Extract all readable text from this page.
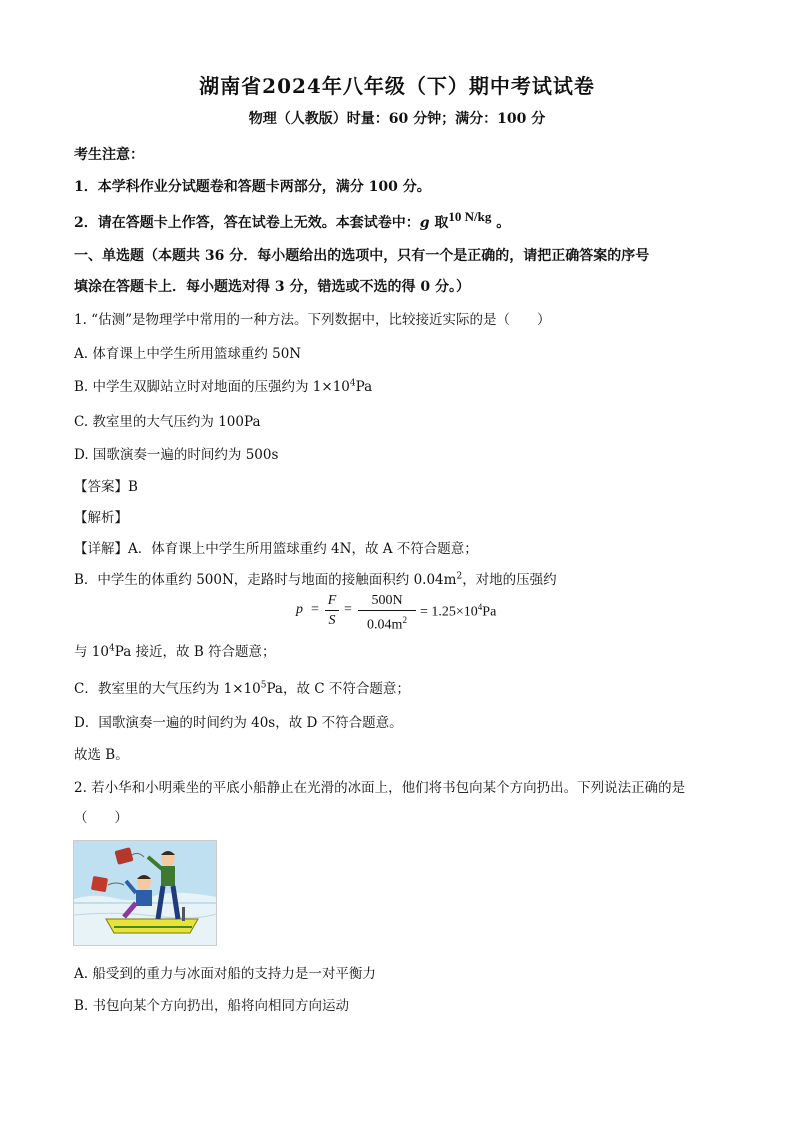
湖南省2024年八年级（下）期中考试试卷
物理（人教版）时量：60 分钟；满分：100 分
考生注意：
1．本学科作业分试题卷和答题卡两部分，满分 100 分。
2．请在答题卡上作答，答在试卷上无效。本套试卷中：g 取10 N/kg 。
一、单选题（本题共 36 分．每小题给出的选项中，只有一个是正确的，请把正确答案的序号
填涂在答题卡上．每小题选对得 3 分，错选或不选的得 0 分。）
1. “估测”是物理学中常用的一种方法。下列数据中，比较接近实际的是（　　）
A. 体育课上中学生所用篮球重约 50N
B. 中学生双脚站立时对地面的压强约为 $1\times 10^4Pa$
C. 教室里的大气压约为 100Pa
D. 国歌演奏一遍的时间约为 500s
【答案】B
【解析】
【详解】A．体育课上中学生所用篮球重约 4N，故 A 不符合题意；
B．中学生的体重约 500N，走路时与地面的接触面积约 $0.04m^2$，对地的压强约
p =
F
S
=
500N
$0.04m^2$
= $1.25\times 10^4Pa$
与 $10^4Pa$ 接近，故 B 符合题意；
C．教室里的大气压约为 $1\times 10^5Pa$，故 C 不符合题意；
D．国歌演奏一遍的时间约为 40s，故 D 不符合题意。
故选 B。
2. 若小华和小明乘坐的平底小船静止在光滑的冰面上，他们将书包向某个方向扔出。下列说法正确的是
（　　）
A. 船受到的重力与冰面对船的支持力是一对平衡力
B. 书包向某个方向扔出，船将向相同方向运动
